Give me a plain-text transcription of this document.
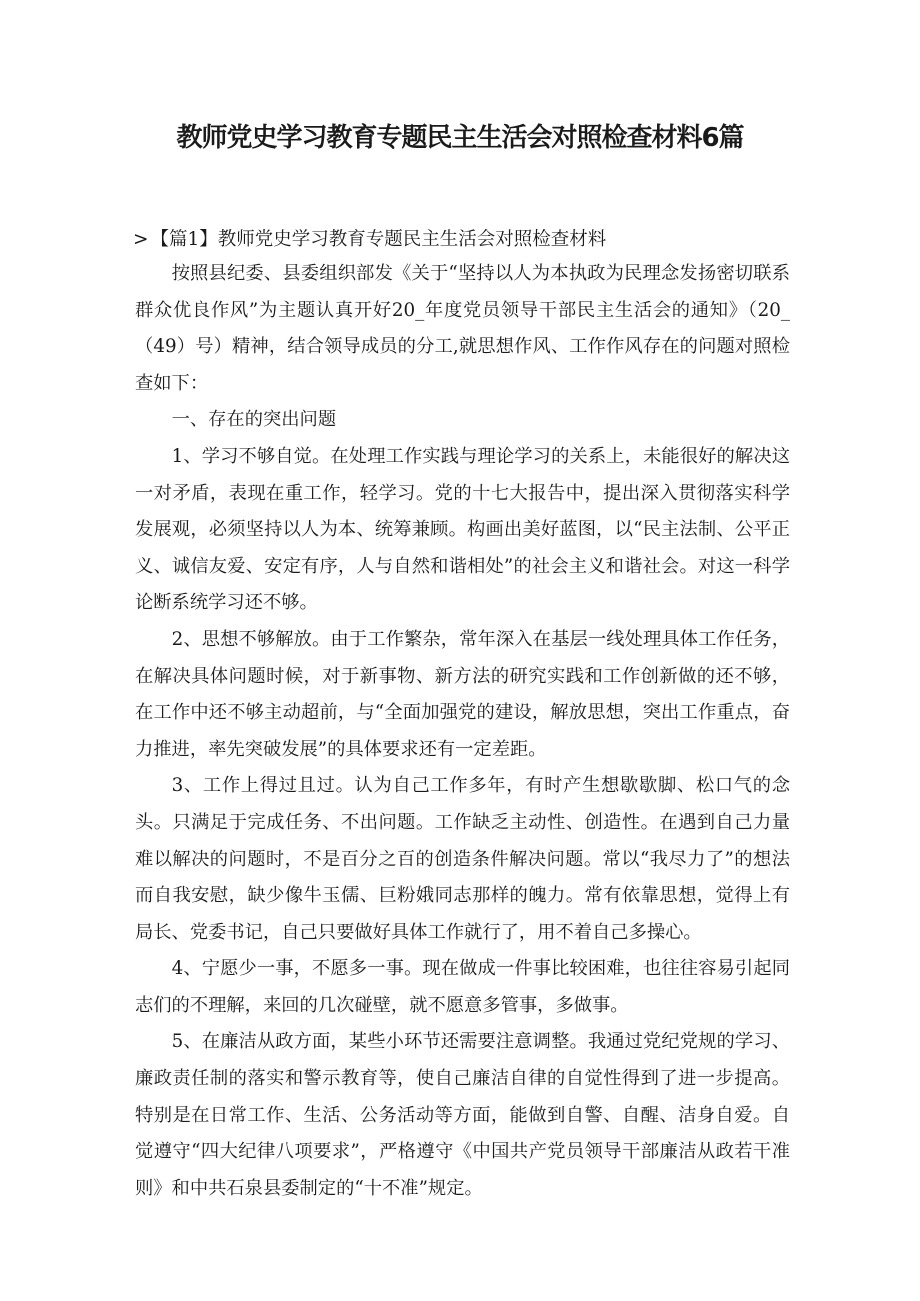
教师党史学习教育专题民主生活会对照检查材料6篇
> 【篇1】教师党史学习教育专题民主生活会对照检查材料

按照县纪委、县委组织部发《关于“坚持以人为本执政为民理念发扬密切联系群众优良作风”为主题认真开好20_年度党员领导干部民主生活会的通知》（20_（49）号）精神，结合领导成员的分工,就思想作风、工作作风存在的问题对照检查如下：

一、存在的突出问题

1、学习不够自觉。在处理工作实践与理论学习的关系上，未能很好的解决这一对矛盾，表现在重工作，轻学习。党的十七大报告中，提出深入贯彻落实科学发展观，必须坚持以人为本、统筹兼顾。构画出美好蓝图，以“民主法制、公平正义、诚信友爱、安定有序，人与自然和谐相处”的社会主义和谐社会。对这一科学论断系统学习还不够。

2、思想不够解放。由于工作繁杂，常年深入在基层一线处理具体工作任务，在解决具体问题时候，对于新事物、新方法的研究实践和工作创新做的还不够，在工作中还不够主动超前，与“全面加强党的建设，解放思想，突出工作重点，奋力推进，率先突破发展”的具体要求还有一定差距。

3、工作上得过且过。认为自己工作多年，有时产生想歇歇脚、松口气的念头。只满足于完成任务、不出问题。工作缺乏主动性、创造性。在遇到自己力量难以解决的问题时，不是百分之百的创造条件解决问题。常以“我尽力了”的想法而自我安慰，缺少像牛玉儒、巨粉娥同志那样的魄力。常有依靠思想，觉得上有局长、党委书记，自己只要做好具体工作就行了，用不着自己多操心。

4、宁愿少一事，不愿多一事。现在做成一件事比较困难，也往往容易引起同志们的不理解，来回的几次碰壁，就不愿意多管事，多做事。

5、在廉洁从政方面，某些小环节还需要注意调整。我通过党纪党规的学习、廉政责任制的落实和警示教育等，使自己廉洁自律的自觉性得到了进一步提高。特别是在日常工作、生活、公务活动等方面，能做到自警、自醒、洁身自爱。自觉遵守“四大纪律八项要求”，严格遵守《中国共产党员领导干部廉洁从政若干准则》和中共石泉县委制定的“十不准”规定。
